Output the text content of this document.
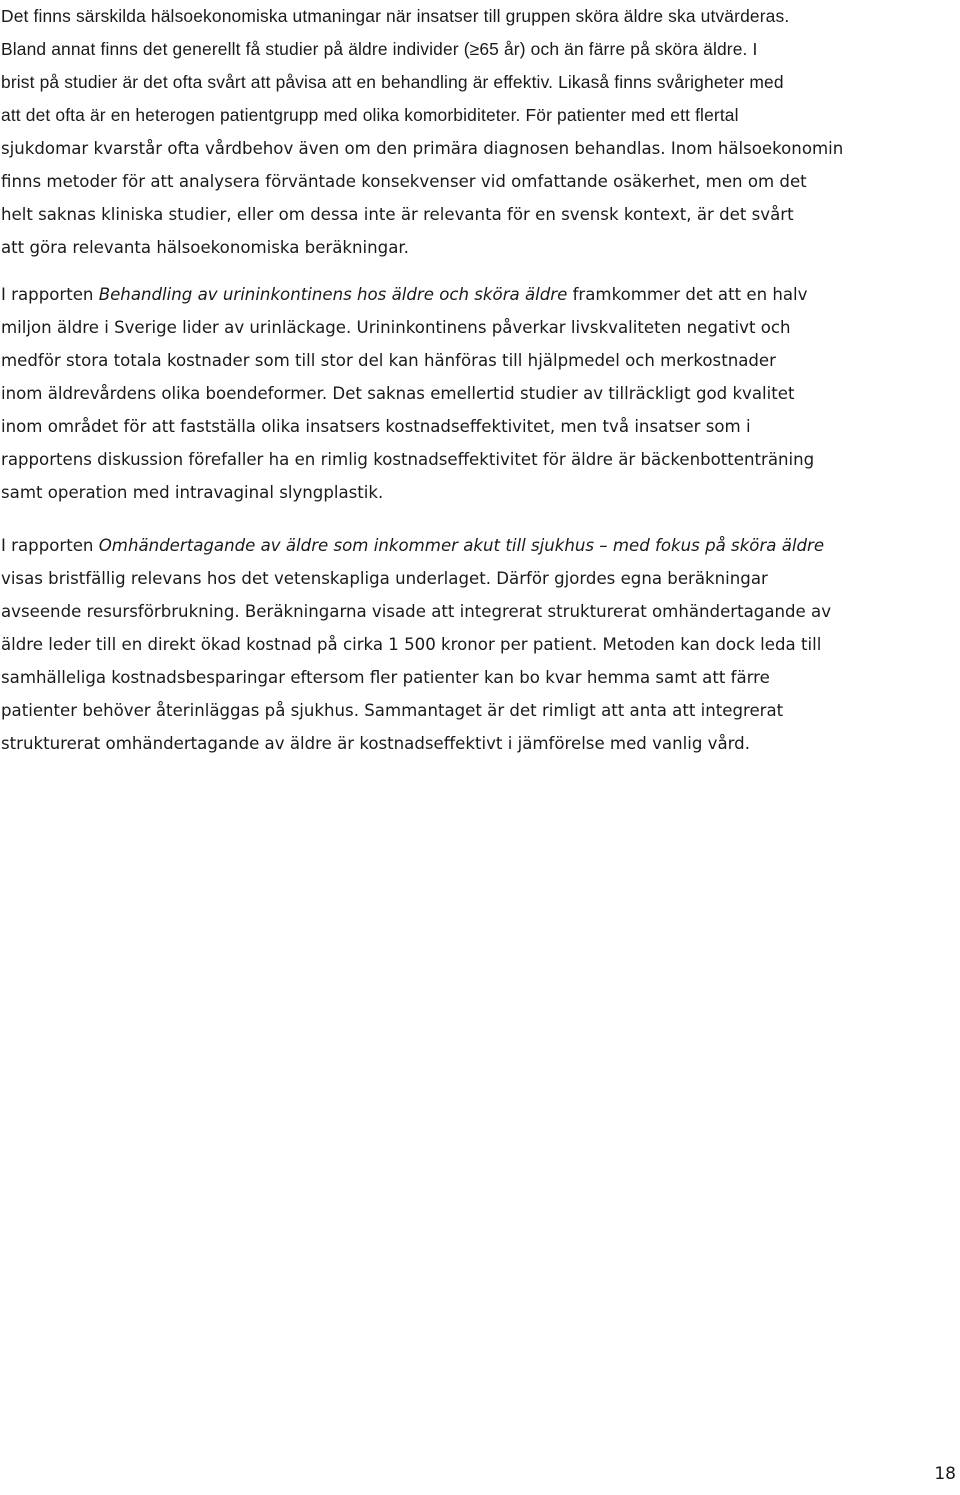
Det finns särskilda hälsoekonomiska utmaningar när insatser till gruppen sköra äldre ska utvärderas.
Bland annat finns det generellt få studier på äldre individer (≥65 år) och än färre på sköra äldre. I
brist på studier är det ofta svårt att påvisa att en behandling är effektiv. Likaså finns svårigheter med
att det ofta är en heterogen patientgrupp med olika komorbiditeter. För patienter med ett flertal
sjukdomar kvarstår ofta vårdbehov även om den primära diagnosen behandlas. Inom hälsoekonomin
finns metoder för att analysera förväntade konsekvenser vid omfattande osäkerhet, men om det
helt saknas kliniska studier, eller om dessa inte är relevanta för en svensk kontext, är det svårt
att göra relevanta hälsoekonomiska beräkningar.
I rapporten Behandling av urininkontinens hos äldre och sköra äldre framkommer det att en halv
miljon äldre i Sverige lider av urinläckage. Urininkontinens påverkar livskvaliteten negativt och
medför stora totala kostnader som till stor del kan hänföras till hjälpmedel och merkostnader
inom äldrevårdens olika boendeformer. Det saknas emellertid studier av tillräckligt god kvalitet
inom området för att fastställa olika insatsers kostnadseffektivitet, men två insatser som i
rapportens diskussion förefaller ha en rimlig kostnadseffektivitet för äldre är bäckenbottenträning
samt operation med intravaginal slyngplastik.
I rapporten Omhändertagande av äldre som inkommer akut till sjukhus – med fokus på sköra äldre
visas bristfällig relevans hos det vetenskapliga underlaget. Därför gjordes egna beräkningar
avseende resursförbrukning. Beräkningarna visade att integrerat strukturerat omhändertagande av
äldre leder till en direkt ökad kostnad på cirka 1 500 kronor per patient. Metoden kan dock leda till
samhälleliga kostnadsbesparingar eftersom fler patienter kan bo kvar hemma samt att färre
patienter behöver återinläggas på sjukhus. Sammantaget är det rimligt att anta att integrerat
strukturerat omhändertagande av äldre är kostnadseffektivt i jämförelse med vanlig vård.
18
